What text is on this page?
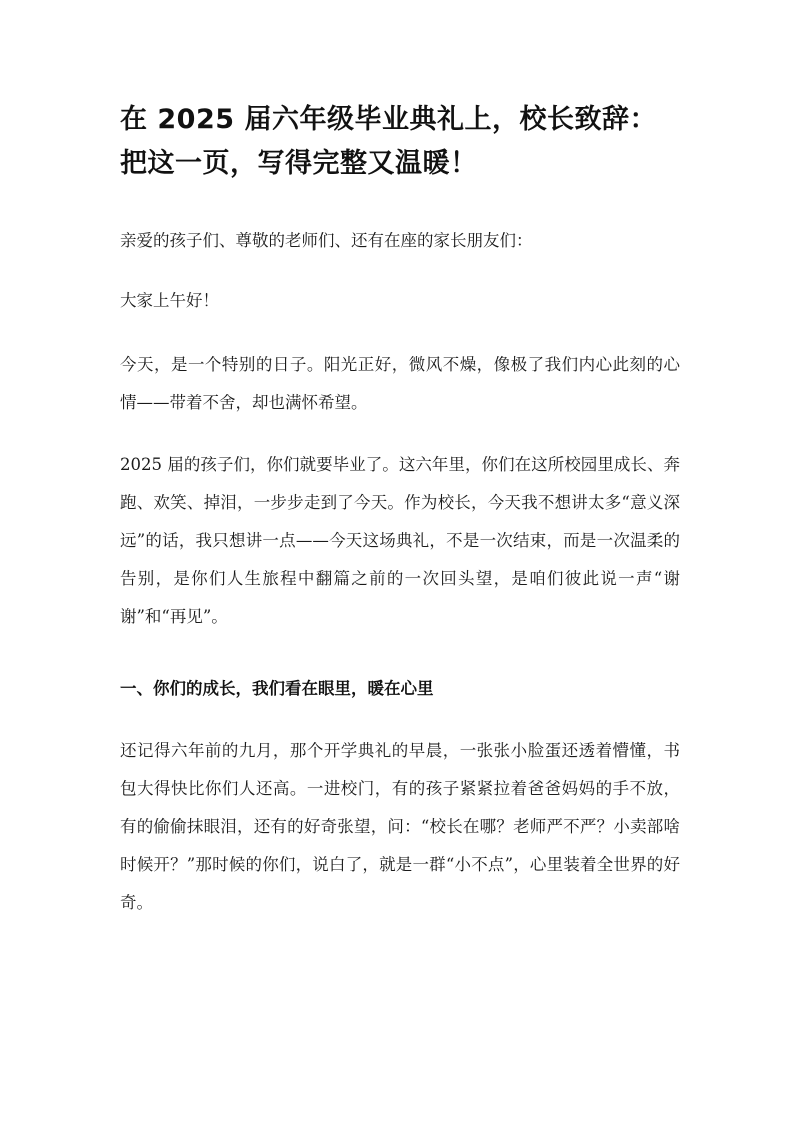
在 2025 届六年级毕业典礼上，校长致辞：
把这一页，写得完整又温暖！

亲爱的孩子们、尊敬的老师们、还有在座的家长朋友们：

大家上午好！

今天，是一个特别的日子。阳光正好，微风不燥，像极了我们内心此刻的心情——带着不舍，却也满怀希望。

2025 届的孩子们，你们就要毕业了。这六年里，你们在这所校园里成长、奔跑、欢笑、掉泪，一步步走到了今天。作为校长，今天我不想讲太多“意义深远”的话，我只想讲一点——今天这场典礼，不是一次结束，而是一次温柔的告别，是你们人生旅程中翻篇之前的一次回头望，是咱们彼此说一声“谢谢”和“再见”。

一、你们的成长，我们看在眼里，暖在心里

还记得六年前的九月，那个开学典礼的早晨，一张张小脸蛋还透着懵懂，书包大得快比你们人还高。一进校门，有的孩子紧紧拉着爸爸妈妈的手不放，有的偷偷抹眼泪，还有的好奇张望，问：“校长在哪？老师严不严？小卖部啥时候开？”那时候的你们，说白了，就是一群“小不点”，心里装着全世界的好奇。
